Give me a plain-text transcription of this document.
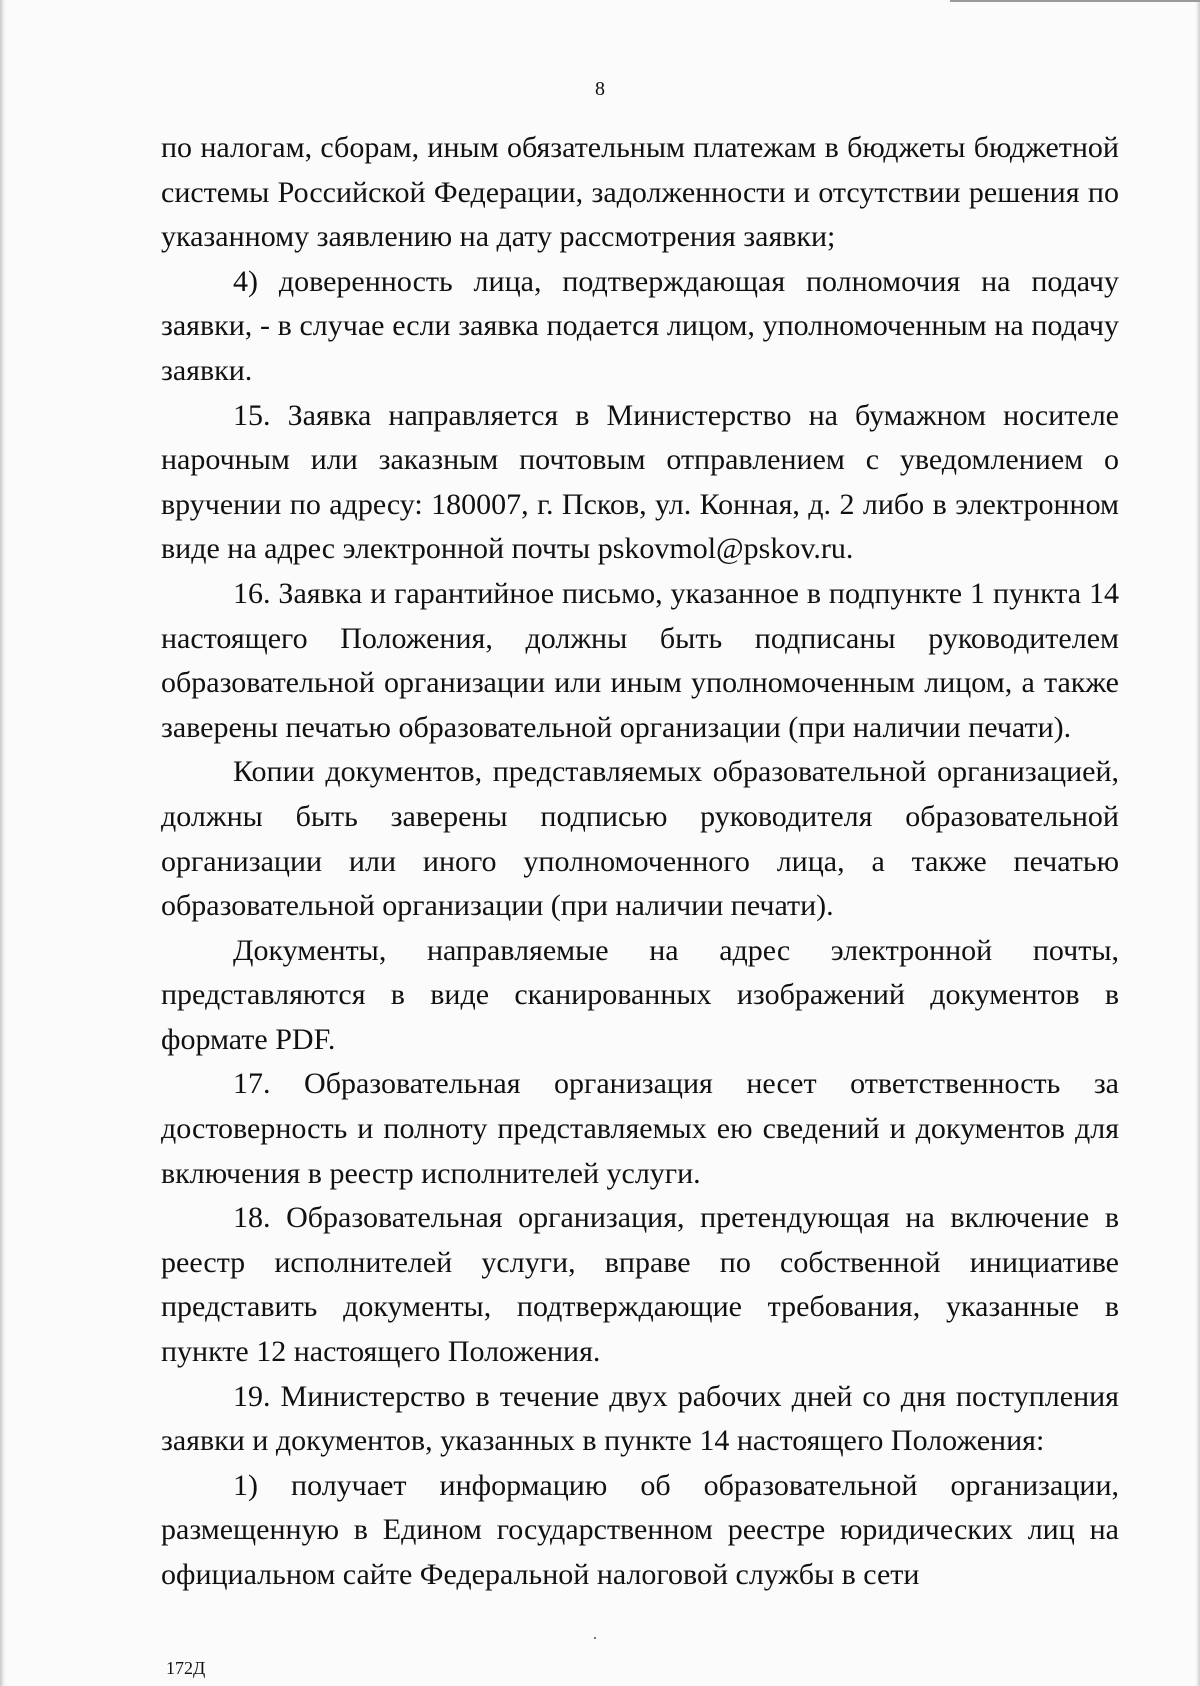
8

по налогам, сборам, иным обязательным платежам в бюджеты бюджетной системы Российской Федерации, задолженности и отсутствии решения по указанному заявлению на дату рассмотрения заявки;

4) доверенность лица, подтверждающая полномочия на подачу заявки, - в случае если заявка подается лицом, уполномоченным на подачу заявки.

15. Заявка направляется в Министерство на бумажном носителе нарочным или заказным почтовым отправлением с уведомлением о вручении по адресу: 180007, г. Псков, ул. Конная, д. 2 либо в электронном виде на адрес электронной почты pskovmol@pskov.ru.

16. Заявка и гарантийное письмо, указанное в подпункте 1 пункта 14 настоящего Положения, должны быть подписаны руководителем образовательной организации или иным уполномоченным лицом, а также заверены печатью образовательной организации (при наличии печати).

Копии документов, представляемых образовательной организацией, должны быть заверены подписью руководителя образовательной организации или иного уполномоченного лица, а также печатью образовательной организации (при наличии печати).

Документы, направляемые на адрес электронной почты, представляются в виде сканированных изображений документов в формате PDF.

17. Образовательная организация несет ответственность за достоверность и полноту представляемых ею сведений и документов для включения в реестр исполнителей услуги.

18. Образовательная организация, претендующая на включение в реестр исполнителей услуги, вправе по собственной инициативе представить документы, подтверждающие требования, указанные в пункте 12 настоящего Положения.

19. Министерство в течение двух рабочих дней со дня поступления заявки и документов, указанных в пункте 14 настоящего Положения:

1) получает информацию об образовательной организации, размещенную в Едином государственном реестре юридических лиц на официальном сайте Федеральной налоговой службы в сети

172Д
